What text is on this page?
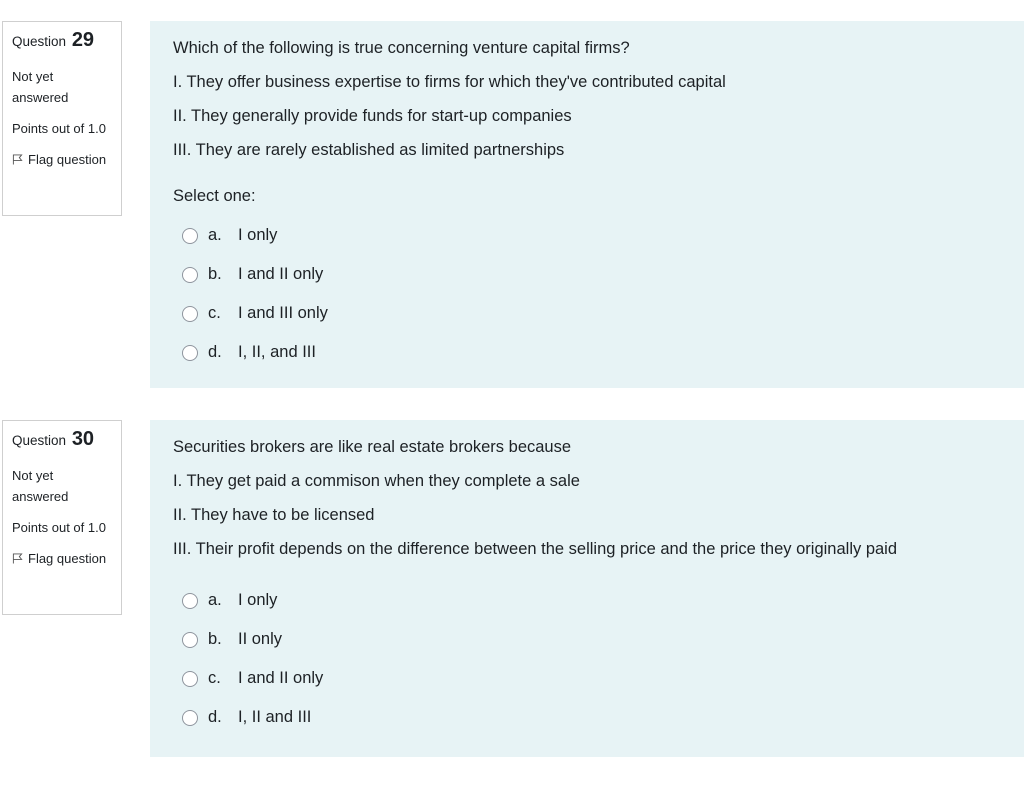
Question 29
Not yet answered
Points out of 1.0
Flag question

Which of the following is true concerning venture capital firms?

I. They offer business expertise to firms for which they've contributed capital

II. They generally provide funds for start-up companies

III. They are rarely established as limited partnerships

Select one:

a. I only
b. I and II only
c.	I and III only
d. I, II, and III
Question 30
Not yet answered
Points out of 1.0
Flag question

Securities brokers are like real estate brokers because

I. They get paid a commison when they complete a sale

II. They have to be licensed

III. Their profit depends on the difference between the selling price and the price they originally paid

a. I only
b. II only
c.	I and II only
d. I, II and III
